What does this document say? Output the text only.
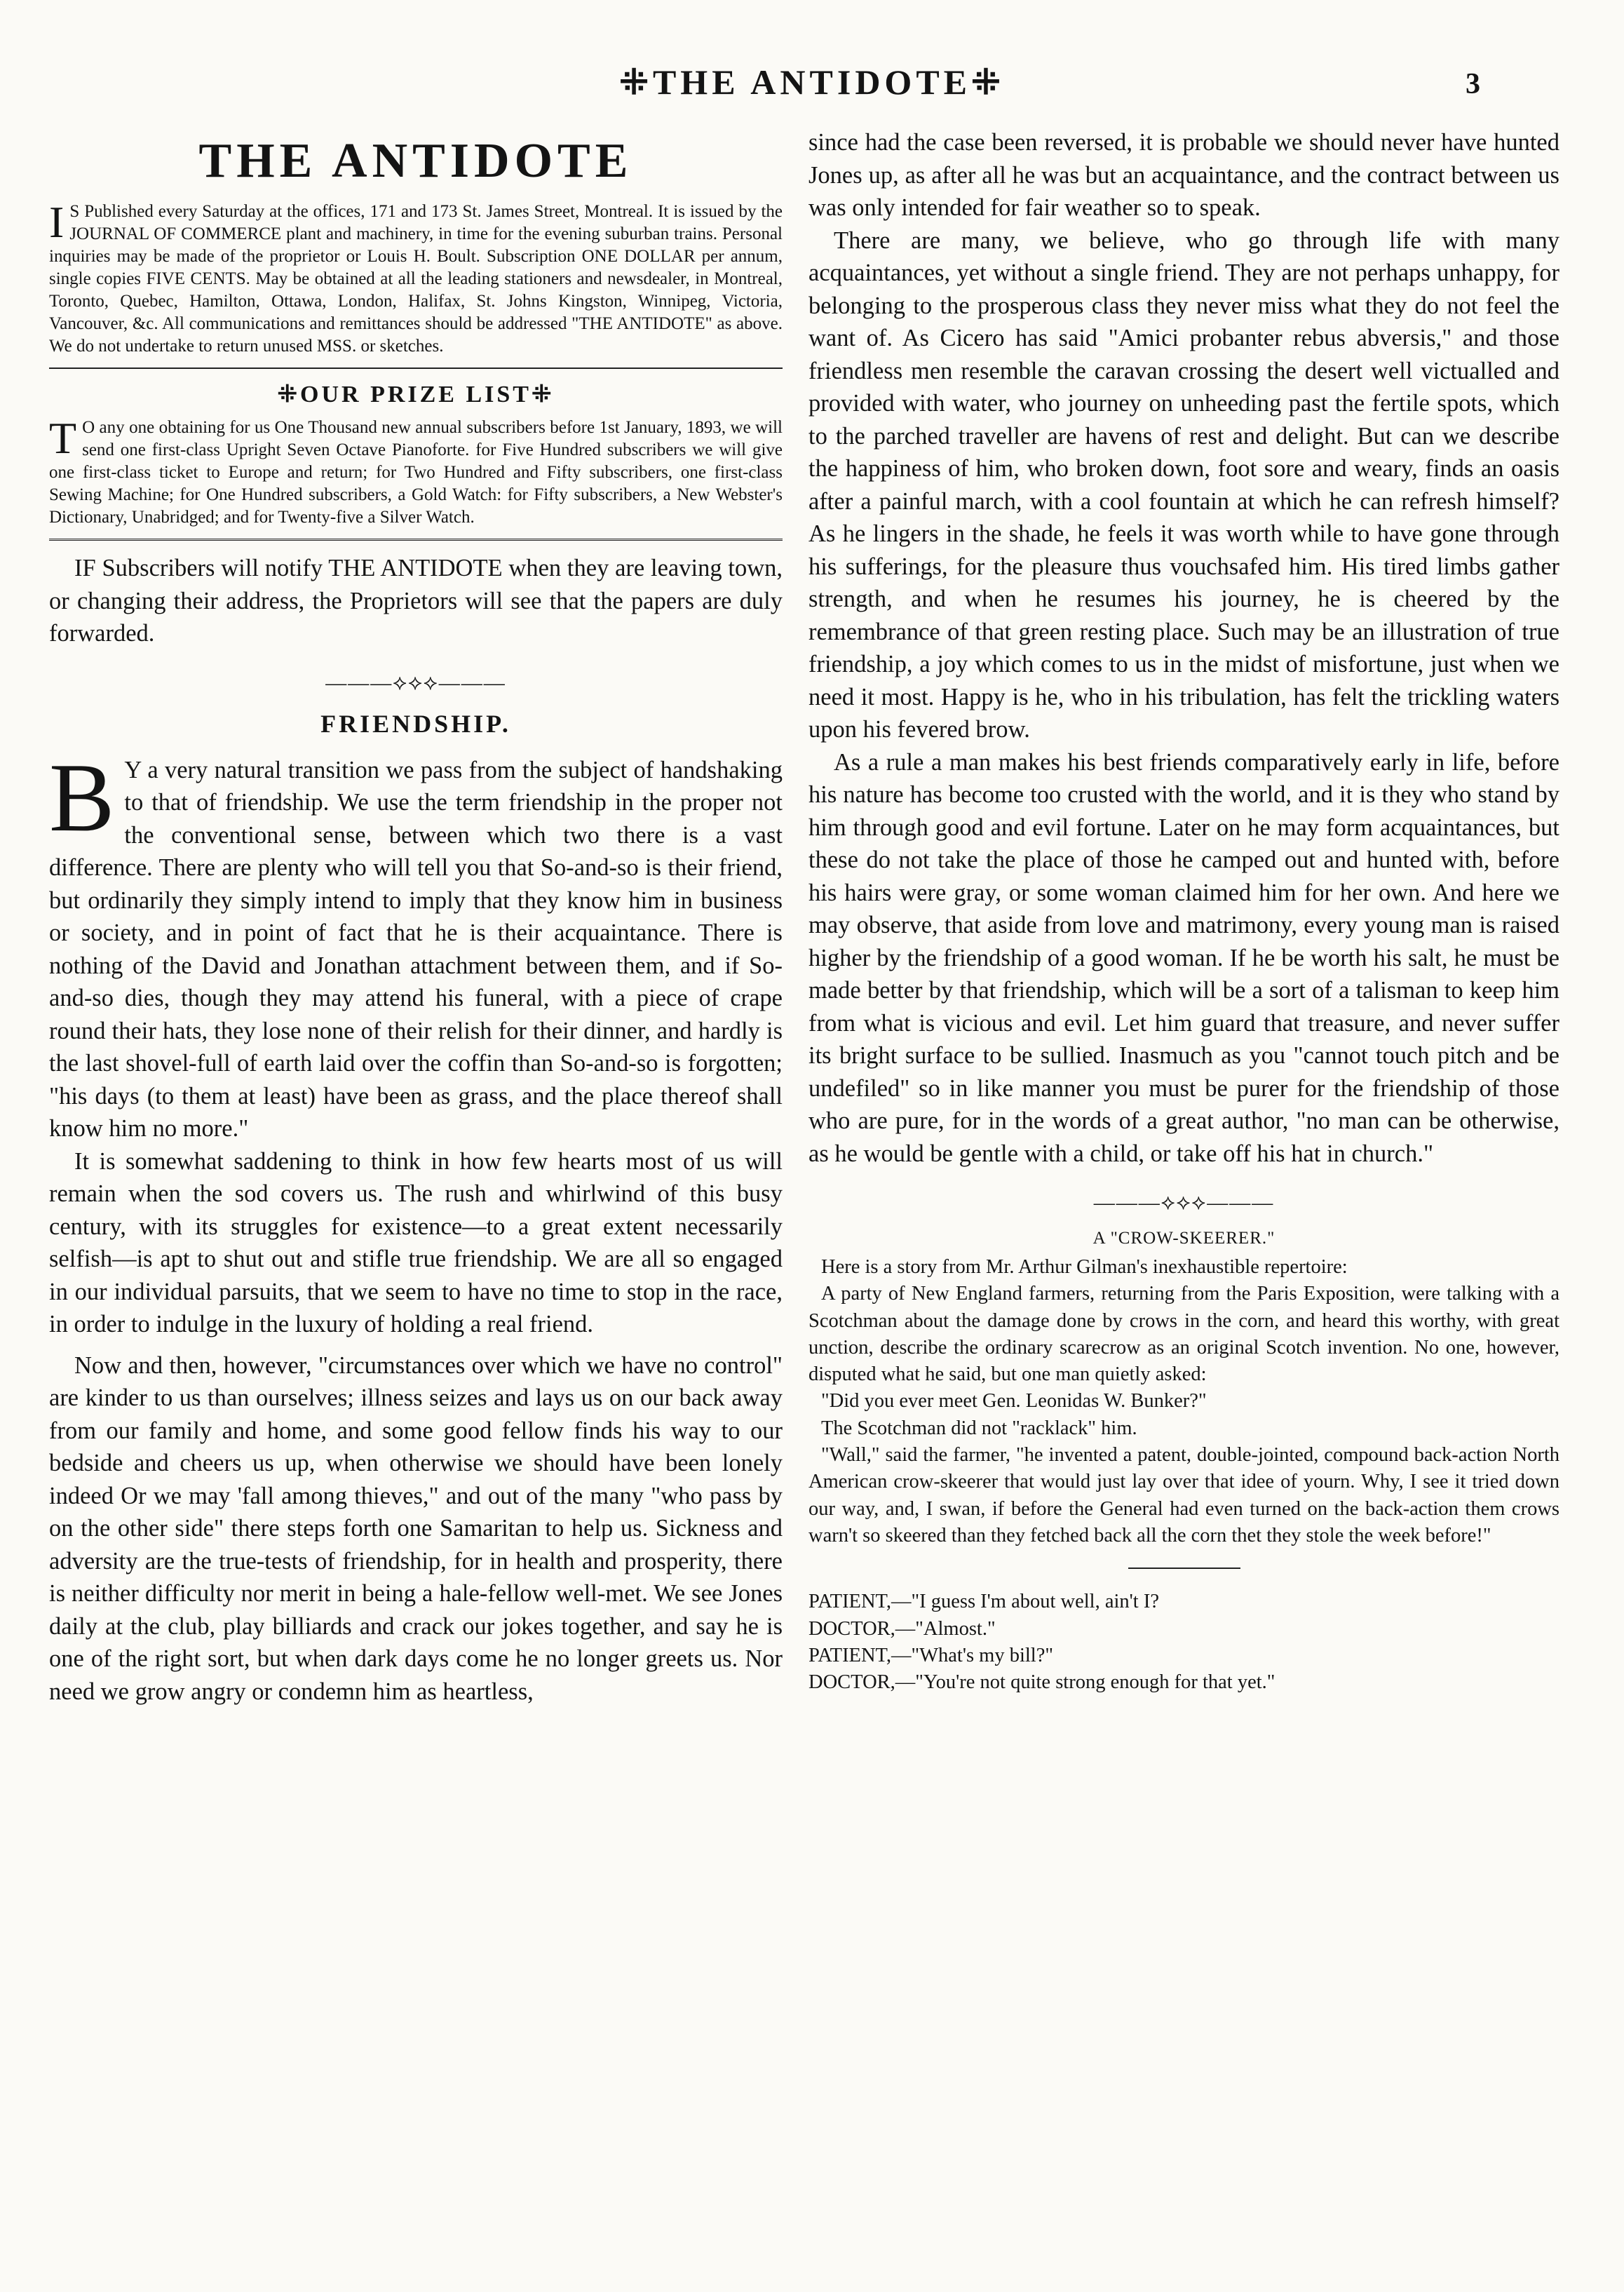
⁜THE ANTIDOTE⁜	3
THE ANTIDOTE

I S Published every Saturday at the offices, 171 and 173 St. James Street, Montreal. It is issued by the JOURNAL OF COMMERCE plant and machinery, in time for the evening suburban trains. Personal inquiries may be made of the proprietor or Louis H. Boult. Subscription ONE DOLLAR per annum, single copies FIVE CENTS. May be obtained at all the leading stationers and newsdealer, in Montreal, Toronto, Quebec, Hamilton, Ottawa, London, Halifax, St. Johns Kingston, Winnipeg, Victoria, Vancouver, &c. All communications and remittances should be addressed "THE ANTIDOTE" as above. We do not undertake to return unused MSS. or sketches.

⁜OUR PRIZE LIST⁜

T O any one obtaining for us One Thousand new annual subscribers before 1st January, 1893, we will send one first-class Upright Seven Octave Pianoforte. for Five Hundred subscribers we will give one first-class ticket to Europe and return; for Two Hundred and Fifty subscribers, one first-class Sewing Machine; for One Hundred subscribers, a Gold Watch: for Fifty subscribers, a New Webster's Dictionary, Unabridged; and for Twenty-five a Silver Watch.

IF Subscribers will notify THE ANTIDOTE when they are leaving town, or changing their address, the Proprietors will see that the papers are duly forwarded.

———⟡⟡⟡———
FRIENDSHIP.

B Y a very natural transition we pass from the subject of handshaking to that of friendship. We use the term friendship in the proper not the conventional sense, between which two there is a vast difference. There are plenty who will tell you that So-and-so is their friend, but ordinarily they simply intend to imply that they know him in business or society, and in point of fact that he is their acquaintance. There is nothing of the David and Jonathan attachment between them, and if So-and-so dies, though they may attend his funeral, with a piece of crape round their hats, they lose none of their relish for their dinner, and hardly is the last shovel-full of earth laid over the coffin than So-and-so is forgotten; "his days (to them at least) have been as grass, and the place thereof shall know him no more."

It is somewhat saddening to think in how few hearts most of us will remain when the sod covers us. The rush and whirlwind of this busy century, with its struggles for existence—to a great extent necessarily selfish—is apt to shut out and stifle true friendship. We are all so engaged in our individual parsuits, that we seem to have no time to stop in the race, in order to indulge in the luxury of holding a real friend.

Now and then, however, "circumstances over which we have no control" are kinder to us than ourselves; illness seizes and lays us on our back away from our family and home, and some good fellow finds his way to our bedside and cheers us up, when otherwise we should have been lonely indeed Or we may 'fall among thieves," and out of the many "who pass by on the other side" there steps forth one Samaritan to help us. Sickness and adversity are the true-tests of friendship, for in health and prosperity, there is neither difficulty nor merit in being a hale-fellow well-met. We see Jones daily at the club, play billiards and crack our jokes together, and say he is one of the right sort, but when dark days come he no longer greets us. Nor need we grow angry or condemn him as heartless,

since had the case been reversed, it is probable we should never have hunted Jones up, as after all he was but an acquaintance, and the contract between us was only intended for fair weather so to speak.

There are many, we believe, who go through life with many acquaintances, yet without a single friend. They are not perhaps unhappy, for belonging to the prosperous class they never miss what they do not feel the want of. As Cicero has said "Amici probanter rebus abversis," and those friendless men resemble the caravan crossing the desert well victualled and provided with water, who journey on unheeding past the fertile spots, which to the parched traveller are havens of rest and delight. But can we describe the happiness of him, who broken down, foot sore and weary, finds an oasis after a painful march, with a cool fountain at which he can refresh himself? As he lingers in the shade, he feels it was worth while to have gone through his sufferings, for the pleasure thus vouchsafed him. His tired limbs gather strength, and when he resumes his journey, he is cheered by the remembrance of that green resting place. Such may be an illustration of true friendship, a joy which comes to us in the midst of misfortune, just when we need it most. Happy is he, who in his tribulation, has felt the trickling waters upon his fevered brow.

As a rule a man makes his best friends comparatively early in life, before his nature has become too crusted with the world, and it is they who stand by him through good and evil fortune. Later on he may form acquaintances, but these do not take the place of those he camped out and hunted with, before his hairs were gray, or some woman claimed him for her own. And here we may observe, that aside from love and matrimony, every young man is raised higher by the friendship of a good woman. If he be worth his salt, he must be made better by that friendship, which will be a sort of a talisman to keep him from what is vicious and evil. Let him guard that treasure, and never suffer its bright surface to be sullied. Inasmuch as you "cannot touch pitch and be undefiled" so in like manner you must be purer for the friendship of those who are pure, for in the words of a great author, "no man can be otherwise, as he would be gentle with a child, or take off his hat in church."

———⟡⟡⟡———
A "CROW-SKEERER."

Here is a story from Mr. Arthur Gilman's inexhaustible repertoire:

A party of New England farmers, returning from the Paris Exposition, were talking with a Scotchman about the damage done by crows in the corn, and heard this worthy, with great unction, describe the ordinary scarecrow as an original Scotch invention. No one, however, disputed what he said, but one man quietly asked:

"Did you ever meet Gen. Leonidas W. Bunker?"

The Scotchman did not "racklack" him.

"Wall," said the farmer, "he invented a patent, double-jointed, compound back-action North American crow-skeerer that would just lay over that idee of yourn. Why, I see it tried down our way, and, I swan, if before the General had even turned on the back-action them crows warn't so skeered than they fetched back all the corn thet they stole the week before!"

PATIENT,—"I guess I'm about well, ain't I?

DOCTOR,—"Almost."

PATIENT,—"What's my bill?"

DOCTOR,—"You're not quite strong enough for that yet."
